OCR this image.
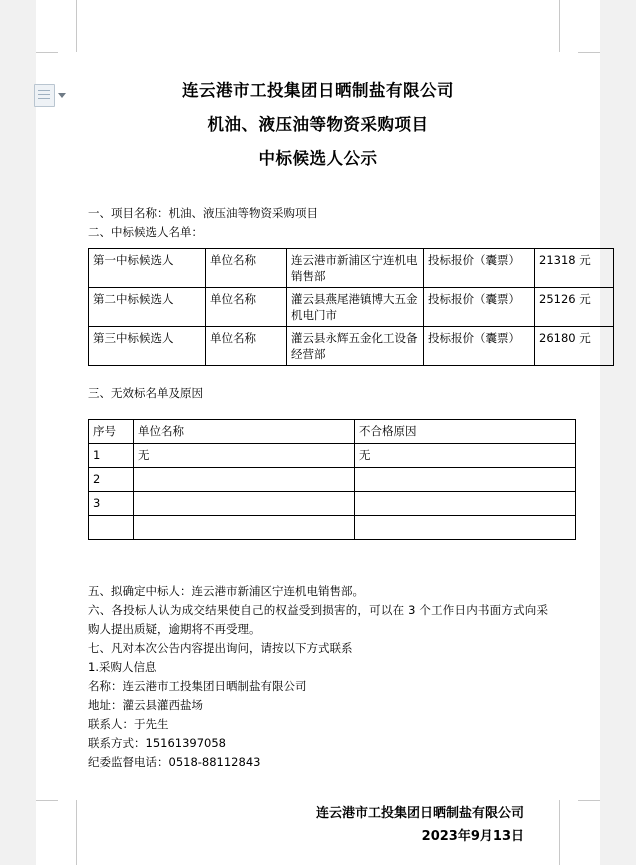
连云港市工投集团日晒制盐有限公司
机油、液压油等物资采购项目
中标候选人公示
一、项目名称：机油、液压油等物资采购项目
二、中标候选人名单：
第一中标候选人	单位名称	连云港市新浦区宁连机电销售部	投标报价（囊票）	21318 元
第二中标候选人	单位名称	灌云县燕尾港镇博大五金机电门市	投标报价（囊票）	25126 元
第三中标候选人	单位名称	灌云县永辉五金化工设备经营部	投标报价（囊票）	26180 元
三、无效标名单及原因
序号	单位名称	不合格原因
1	无	无
2		
3		

五、拟确定中标人：连云港市新浦区宁连机电销售部。
六、各投标人认为成交结果使自己的权益受到损害的，可以在 3 个工作日内书面方式向采购人提出质疑，逾期将不再受理。
七、凡对本次公告内容提出询问，请按以下方式联系
1.采购人信息
名称：连云港市工投集团日晒制盐有限公司
地址：灌云县灌西盐场
联系人：于先生
联系方式：15161397058
纪委监督电话：0518-88112843
连云港市工投集团日晒制盐有限公司
2023年9月13日
